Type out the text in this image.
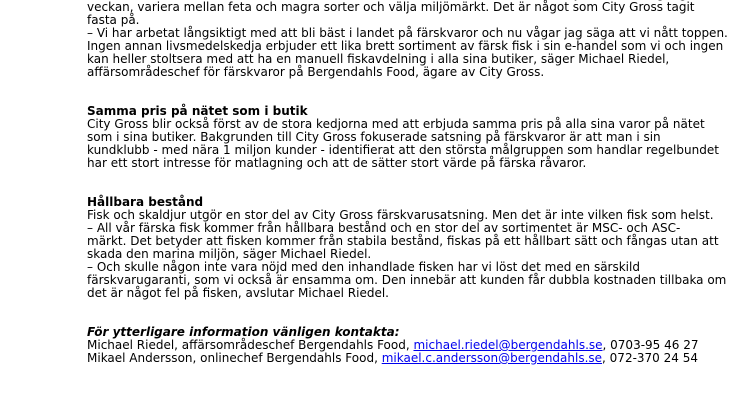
veckan, variera mellan feta och magra sorter och välja miljömärkt. Det är något som City Gross tagit
fasta på.
– Vi har arbetat långsiktigt med att bli bäst i landet på färskvaror och nu vågar jag säga att vi nått toppen.
Ingen annan livsmedelskedja erbjuder ett lika brett sortiment av färsk fisk i sin e-handel som vi och ingen
kan heller stoltsera med att ha en manuell fiskavdelning i alla sina butiker, säger Michael Riedel,
affärsområdeschef för färskvaror på Bergendahls Food, ägare av City Gross.
Samma pris på nätet som i butik
City Gross blir också först av de stora kedjorna med att erbjuda samma pris på alla sina varor på nätet
som i sina butiker. Bakgrunden till City Gross fokuserade satsning på färskvaror är att man i sin
kundklubb - med nära 1 miljon kunder - identifierat att den största målgruppen som handlar regelbundet
har ett stort intresse för matlagning och att de sätter stort värde på färska råvaror.
Hållbara bestånd
Fisk och skaldjur utgör en stor del av City Gross färskvarusatsning. Men det är inte vilken fisk som helst.
– All vår färska fisk kommer från hållbara bestånd och en stor del av sortimentet är MSC- och ASC-
märkt. Det betyder att fisken kommer från stabila bestånd, fiskas på ett hållbart sätt och fångas utan att
skada den marina miljön, säger Michael Riedel.
– Och skulle någon inte vara nöjd med den inhandlade fisken har vi löst det med en särskild
färskvarugaranti, som vi också är ensamma om. Den innebär att kunden får dubbla kostnaden tillbaka om
det är något fel på fisken, avslutar Michael Riedel.
För ytterligare information vänligen kontakta:
Michael Riedel, affärsområdeschef Bergendahls Food, michael.riedel@bergendahls.se, 0703-95 46 27
Mikael Andersson, onlinechef Bergendahls Food, mikael.c.andersson@bergendahls.se, 072-370 24 54
